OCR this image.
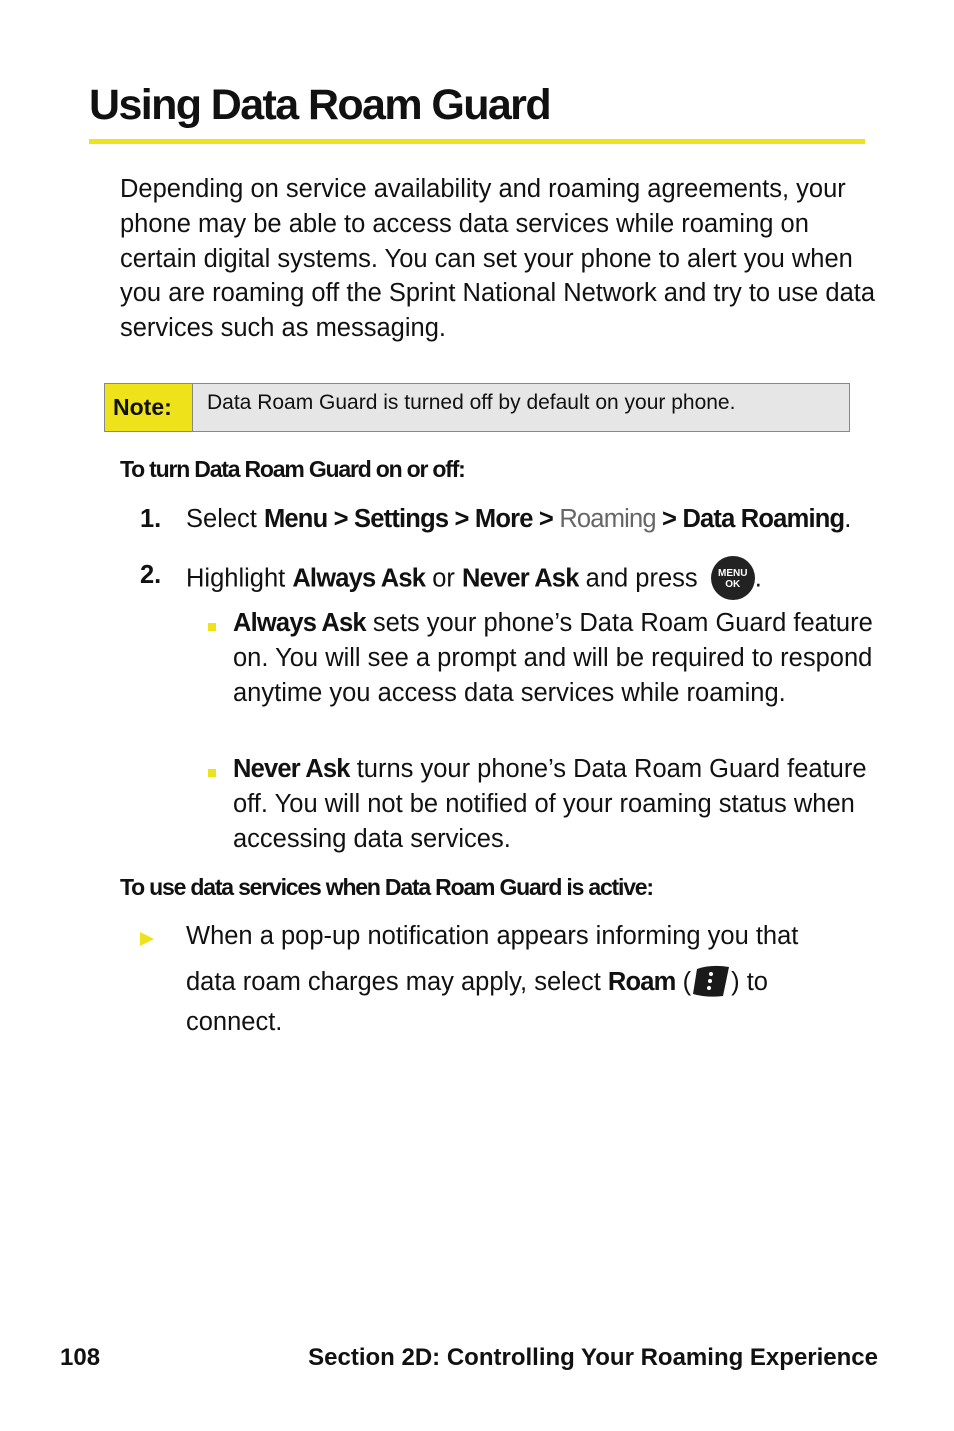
Using Data Roam Guard
Depending on service availability and roaming agreements, your phone may be able to access data services while roaming on certain digital systems. You can set your phone to alert you when you are roaming off the Sprint National Network and try to use data services such as messaging.
Note:	Data Roam Guard is turned off by default on your phone.
To turn Data Roam Guard on or off:
1. Select Menu > Settings > More > Roaming > Data Roaming.
2. Highlight Always Ask or Never Ask and press	MENU
OK .
Always Ask sets your phone’s Data Roam Guard feature on. You will see a prompt and will be required to respond anytime you access data services while roaming.
Never Ask turns your phone’s Data Roam Guard feature off. You will not be notified of your roaming status when accessing data services.
To use data services when Data Roam Guard is active:
When a pop-up notification appears informing you that
data roam charges may apply, select Roam ( ) to
connect.
108	Section 2D: Controlling Your Roaming Experience
